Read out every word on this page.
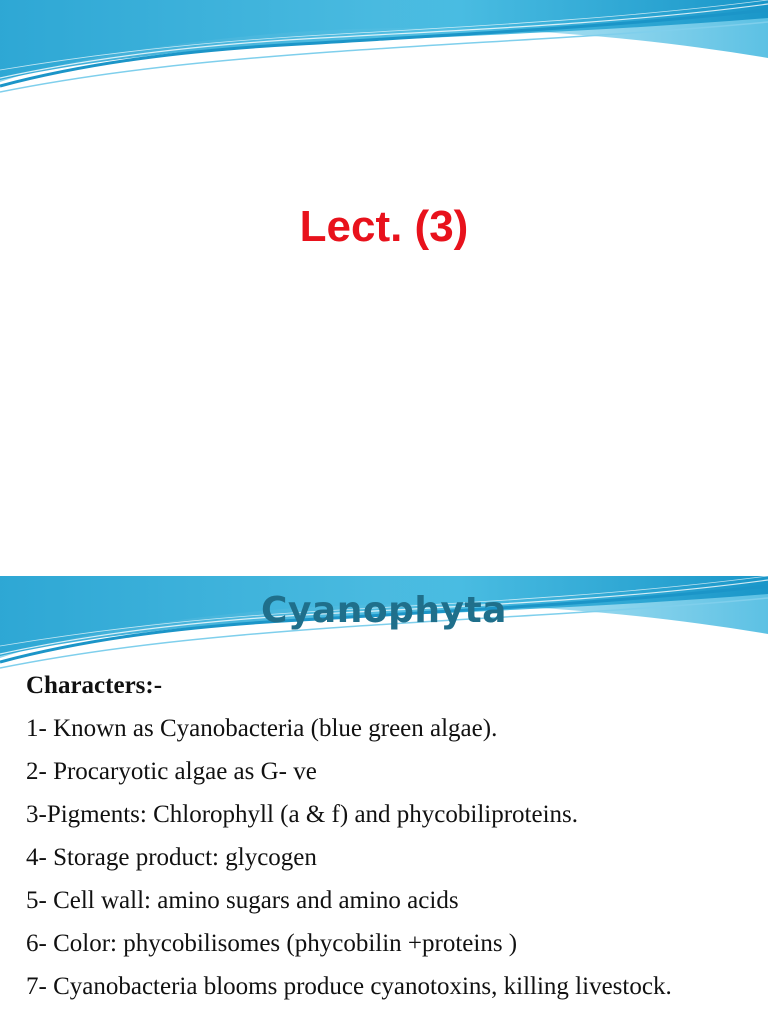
Lect. (3)
Cyanophyta
Characters:-
1- Known as Cyanobacteria (blue green algae).
2- Procaryotic algae as G- ve
3-Pigments: Chlorophyll (a & f) and phycobiliproteins.
4- Storage product: glycogen
5- Cell wall: amino sugars and amino acids
6- Color: phycobilisomes (phycobilin +proteins )
7- Cyanobacteria blooms produce cyanotoxins, killing livestock.
